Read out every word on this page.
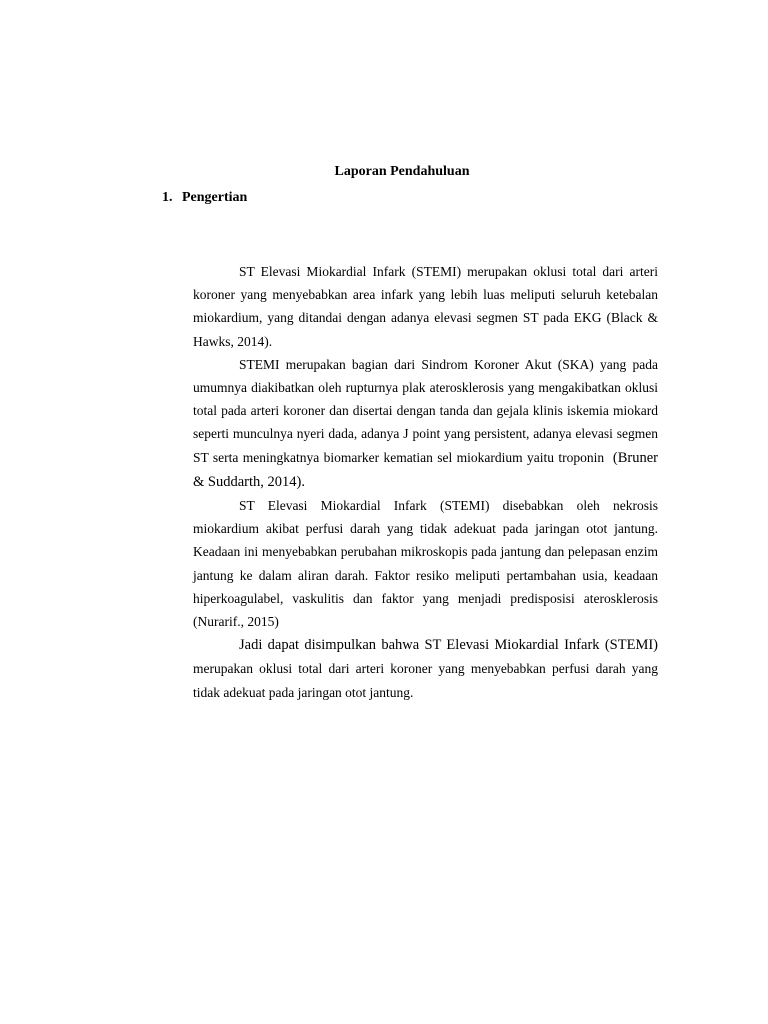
Laporan Pendahuluan
1. Pengertian

ST Elevasi Miokardial Infark (STEMI) merupakan oklusi total dari arteri koroner yang menyebabkan area infark yang lebih luas meliputi seluruh ketebalan miokardium, yang ditandai dengan adanya elevasi segmen ST pada EKG (Black & Hawks, 2014).

STEMI merupakan bagian dari Sindrom Koroner Akut (SKA) yang pada umumnya diakibatkan oleh rupturnya plak aterosklerosis yang mengakibatkan oklusi total pada arteri koroner dan disertai dengan tanda dan gejala klinis iskemia miokard seperti munculnya nyeri dada, adanya J point yang persistent, adanya elevasi segmen ST serta meningkatnya biomarker kematian sel miokardium yaitu troponin (Bruner & Suddarth, 2014).

ST Elevasi Miokardial Infark (STEMI) disebabkan oleh nekrosis miokardium akibat perfusi darah yang tidak adekuat pada jaringan otot jantung. Keadaan ini menyebabkan perubahan mikroskopis pada jantung dan pelepasan enzim jantung ke dalam aliran darah. Faktor resiko meliputi pertambahan usia, keadaan hiperkoagulabel, vaskulitis dan faktor yang menjadi predisposisi aterosklerosis (Nurarif., 2015)

Jadi dapat disimpulkan bahwa ST Elevasi Miokardial Infark (STEMI) merupakan oklusi total dari arteri koroner yang menyebabkan perfusi darah yang tidak adekuat pada jaringan otot jantung.
